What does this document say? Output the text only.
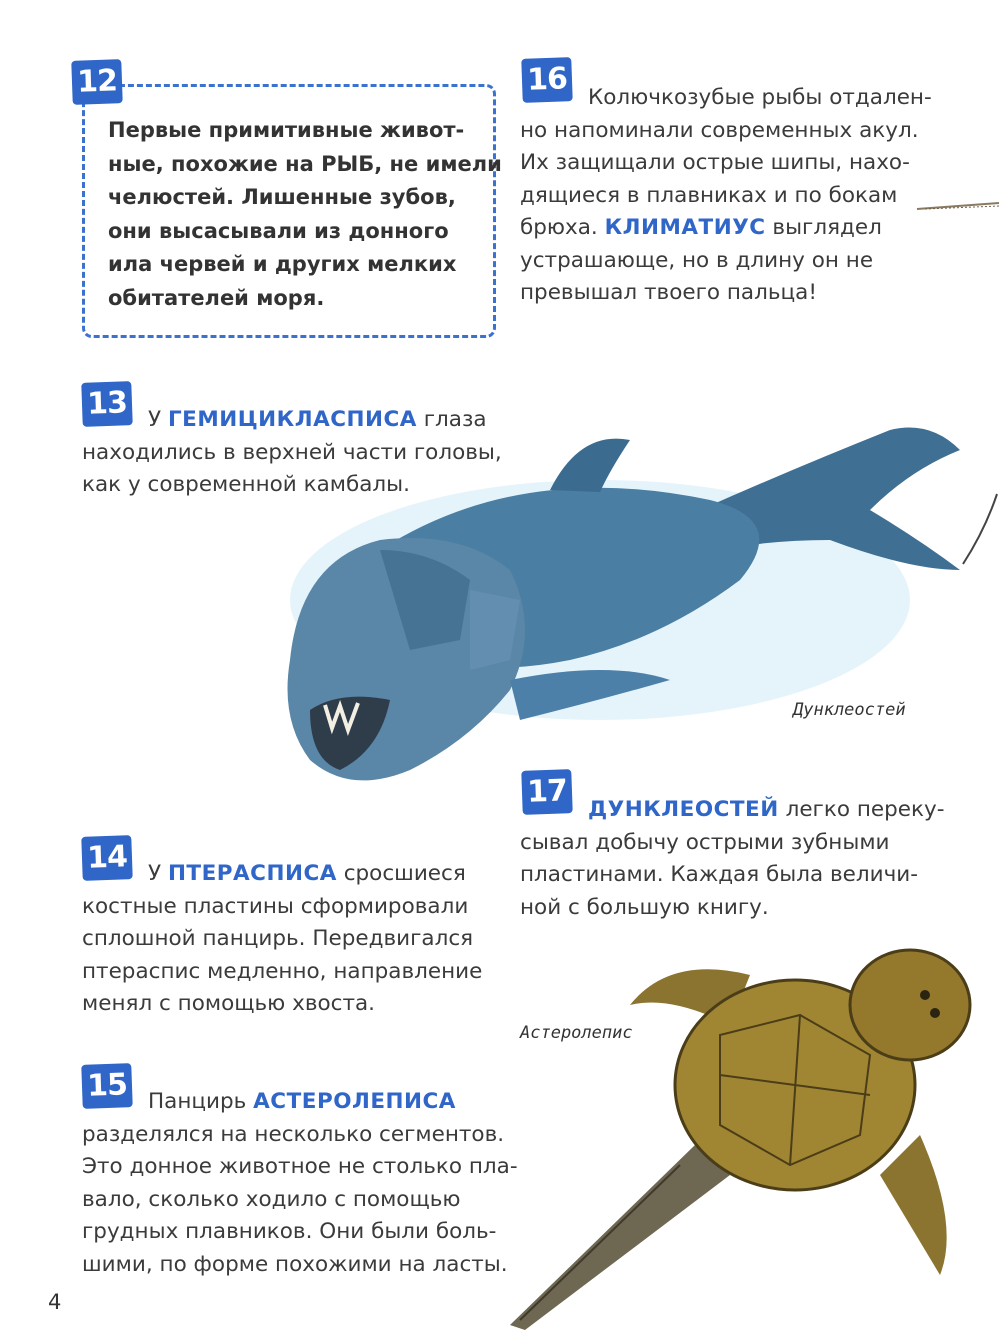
12
Первые примитивные живот-
ные, похожие на РЫБ, не имели
челюстей. Лишенные зубов,
они высасывали из донного
ила червей и других мелких
обитателей моря.
16 Колючкозубые рыбы отдален-
но напоминали современных акул.
Их защищали острые шипы, нахо-
дящиеся в плавниках и по бокам
брюха. КЛИМАТИУС выглядел
устрашающе, но в длину он не
превышал твоего пальца!
13 У ГЕМИЦИКЛАСПИСА глаза
находились в верхней части головы,
как у современной камбалы.
Дунклеостей
17 ДУНКЛЕОСТЕЙ легко переку-
сывал добычу острыми зубными
пластинами. Каждая была величи-
ной с большую книгу.
14 У ПТЕРАСПИСА сросшиеся
костные пластины сформировали
сплошной панцирь. Передвигался
птераспис медленно, направление
менял с помощью хвоста.
Астеролепис
15 Панцирь АСТЕРОЛЕПИСА
разделялся на несколько сегментов.
Это донное животное не столько пла-
вало, сколько ходило с помощью
грудных плавников. Они были боль-
шими, по форме похожими на ласты.
4
